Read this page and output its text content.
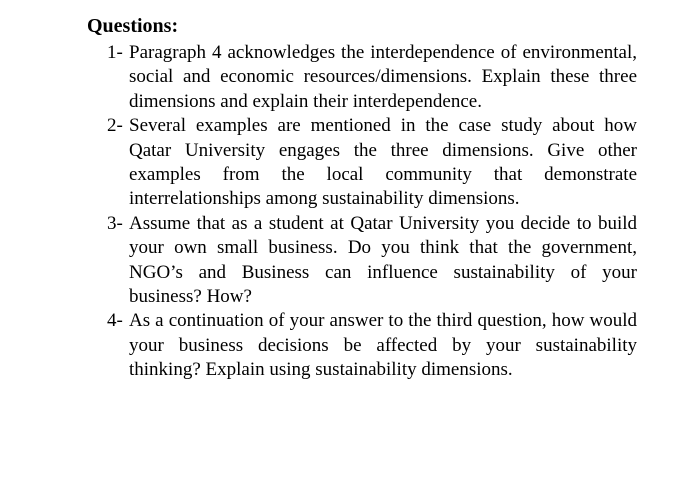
Questions:
1- Paragraph 4 acknowledges the interdependence of environmental, social and economic resources/dimensions. Explain these three dimensions and explain their interdependence.
2- Several examples are mentioned in the case study about how Qatar University engages the three dimensions. Give other examples from the local community that demonstrate interrelationships among sustainability dimensions.
3- Assume that as a student at Qatar University you decide to build your own small business. Do you think that the government, NGO’s and Business can influence sustainability of your business? How?
4- As a continuation of your answer to the third question, how would your business decisions be affected by your sustainability thinking? Explain using sustainability dimensions.
